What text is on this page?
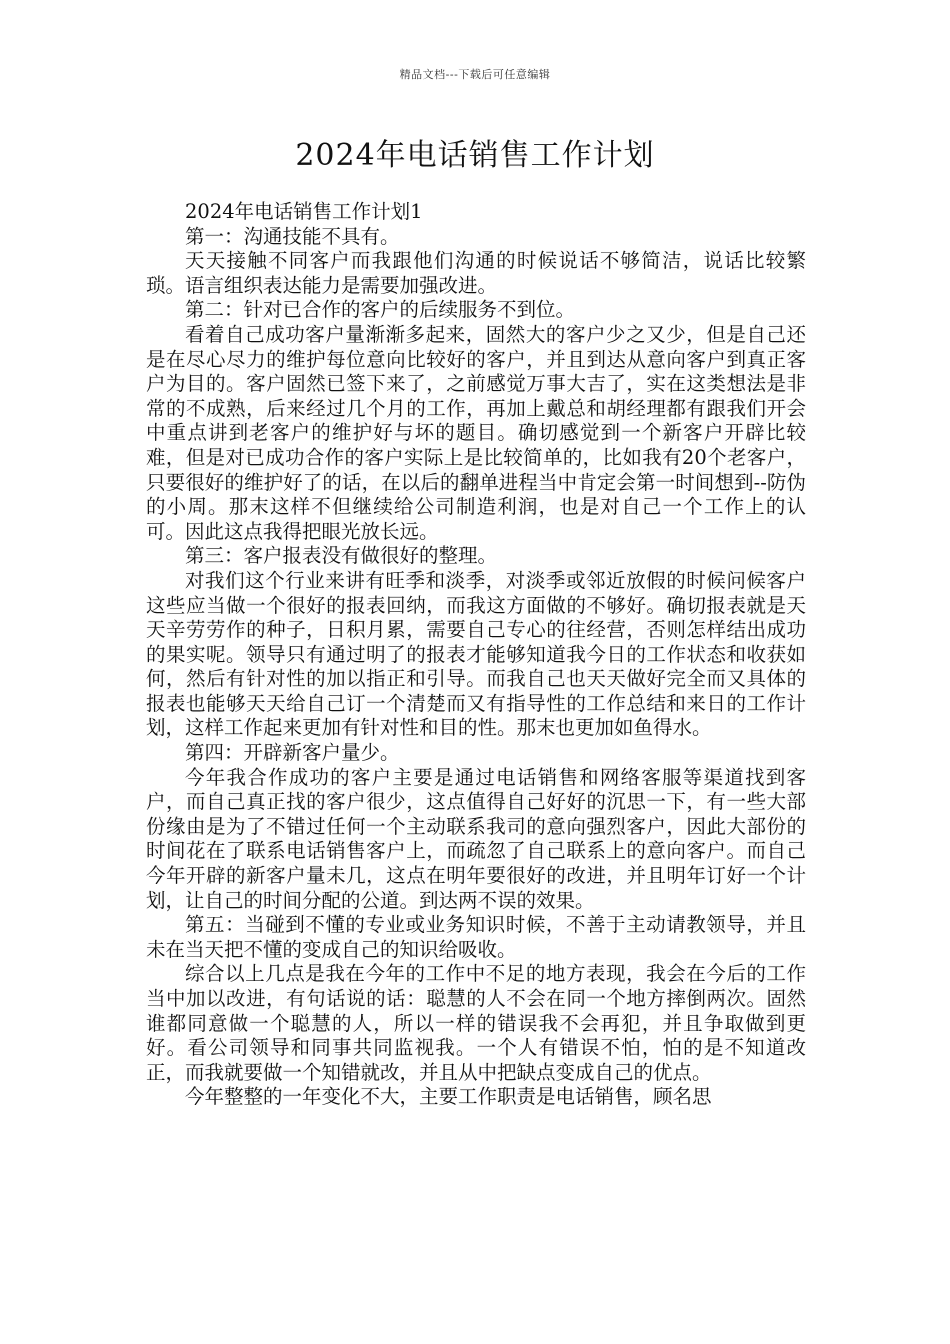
精品文档---下载后可任意编辑
2024年电话销售工作计划

2024年电话销售工作计划1

第一：沟通技能不具有。

天天接触不同客户而我跟他们沟通的时候说话不够简洁，说话比较繁琐。语言组织表达能力是需要加强改进。

第二：针对已合作的客户的后续服务不到位。

看着自己成功客户量渐渐多起来，固然大的客户少之又少，但是自己还是在尽心尽力的维护每位意向比较好的客户，并且到达从意向客户到真正客户为目的。客户固然已签下来了，之前感觉万事大吉了，实在这类想法是非常的不成熟，后来经过几个月的工作，再加上戴总和胡经理都有跟我们开会中重点讲到老客户的维护好与坏的题目。确切感觉到一个新客户开辟比较难，但是对已成功合作的客户实际上是比较简单的，比如我有20个老客户，只要很好的维护好了的话，在以后的翻单进程当中肯定会第一时间想到--防伪的小周。那末这样不但继续给公司制造利润，也是对自己一个工作上的认可。因此这点我得把眼光放长远。

第三：客户报表没有做很好的整理。

对我们这个行业来讲有旺季和淡季，对淡季或邻近放假的时候问候客户这些应当做一个很好的报表回纳，而我这方面做的不够好。确切报表就是天天辛劳劳作的种子，日积月累，需要自己专心的往经营，否则怎样结出成功的果实呢。领导只有通过明了的报表才能够知道我今日的工作状态和收获如何，然后有针对性的加以指正和引导。而我自己也天天做好完全而又具体的报表也能够天天给自己订一个清楚而又有指导性的工作总结和来日的工作计划，这样工作起来更加有针对性和目的性。那末也更加如鱼得水。

第四：开辟新客户量少。

今年我合作成功的客户主要是通过电话销售和网络客服等渠道找到客户，而自己真正找的客户很少，这点值得自己好好的沉思一下，有一些大部份缘由是为了不错过任何一个主动联系我司的意向强烈客户，因此大部份的时间花在了联系电话销售客户上，而疏忽了自己联系上的意向客户。而自己今年开辟的新客户量未几，这点在明年要很好的改进，并且明年订好一个计划，让自己的时间分配的公道。到达两不误的效果。

第五：当碰到不懂的专业或业务知识时候，不善于主动请教领导，并且未在当天把不懂的变成自己的知识给吸收。

综合以上几点是我在今年的工作中不足的地方表现，我会在今后的工作当中加以改进，有句话说的话：聪慧的人不会在同一个地方摔倒两次。固然谁都同意做一个聪慧的人，所以一样的错误我不会再犯，并且争取做到更好。看公司领导和同事共同监视我。一个人有错误不怕，怕的是不知道改正，而我就要做一个知错就改，并且从中把缺点变成自己的优点。

今年整整的一年变化不大，主要工作职责是电话销售，顾名思
